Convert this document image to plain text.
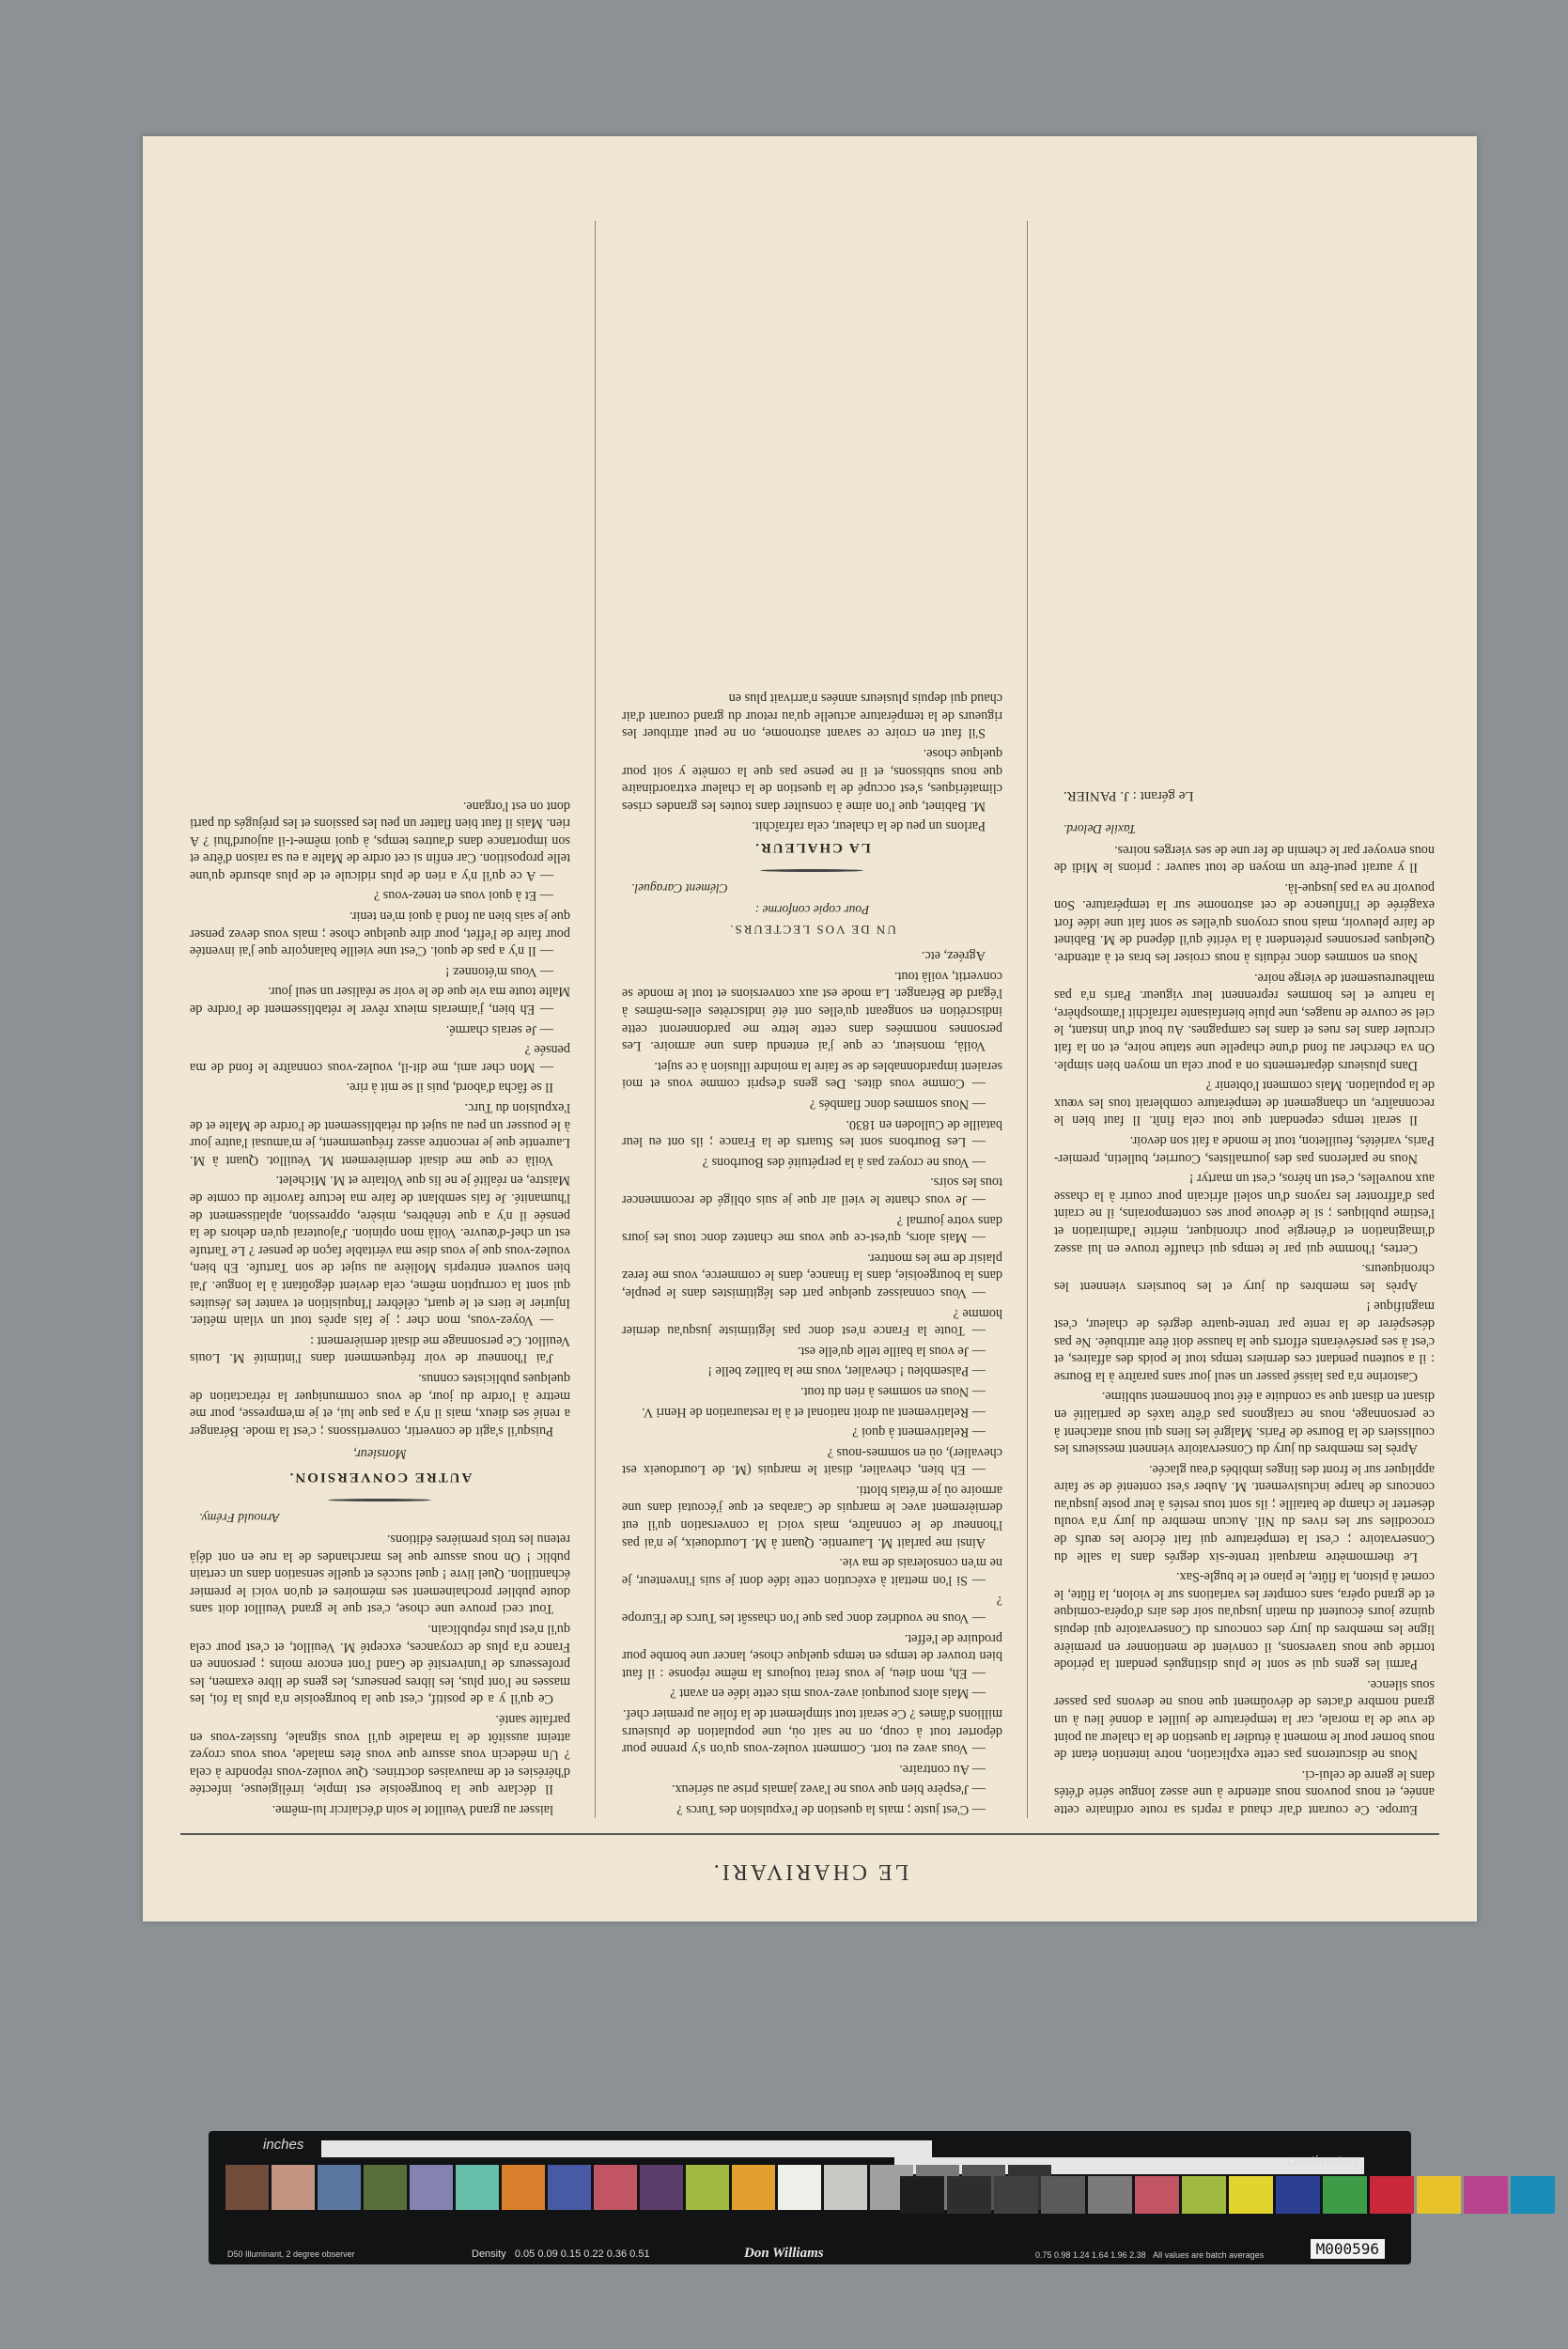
LE CHARIVARI.

Europe. Ce courant d'air chaud a repris sa route ordinaire cette année, et nous pouvons nous attendre à une assez longue série d'étés dans le genre de celui-ci.

Nous ne discuterons pas cette explication, notre intention étant de nous borner pour le moment à étudier la question de la chaleur au point de vue de la morale, car la température de juillet a donné lieu à un grand nombre d'actes de dévoûment que nous ne devons pas passer sous silence.

Parmi les gens qui se sont le plus distingués pendant la période torride que nous traversons, il convient de mentionner en première ligne les membres du jury des concours du Conservatoire qui depuis quinze jours écoutent du matin jusqu'au soir des airs d'opéra-comique et de grand opéra, sans compter les variations sur le violon, la flûte, le cornet à piston, la flûte, le piano et le bugle-Sax.

Le thermomètre marquait trente-six degrés dans la salle du Conservatoire ; c'est la température qui fait éclore les œufs de crocodiles sur les rives du Nil. Aucun membre du jury n'a voulu déserter le champ de bataille ; ils sont tous restés à leur poste jusqu'au concours de harpe inclusivement. M. Auber s'est contenté de se faire appliquer sur le front des linges imbibés d'eau glacée.

Après les membres du jury du Conservatoire viennent messieurs les coulissiers de la Bourse de Paris. Malgré les liens qui nous attachent à ce personnage, nous ne craignons pas d'être taxés de partialité en disant en disant que sa conduite a été tout bonnement sublime.

Castorine n'a pas laissé passer un seul jour sans paraître à la Bourse : il a soutenu pendant ces derniers temps tout le poids des affaires, et c'est à ses persévérants efforts que la hausse doit être attribuée. Ne pas désespérer de la rente par trente-quatre degrés de chaleur, c'est magnifique !

Après les membres du jury et les boursiers viennent les chroniqueurs.

Certes, l'homme qui par le temps qui chauffe trouve en lui assez d'imagination et d'énergie pour chroniquer, mérite l'admiration et l'estime publiques ; si le dévoue pour ses contemporains, il ne craint pas d'affronter les rayons d'un soleil africain pour courir à la chasse aux nouvelles, c'est un héros, c'est un martyr !

Nous ne parlerons pas des journalistes, Courrier, bulletin, premier-Paris, variétés, feuilleton, tout le monde a fait son devoir.

Il serait temps cependant que tout cela finît. Il faut bien le reconnaître, un changement de température comblerait tous les vœux de la population. Mais comment l'obtenir ?

Dans plusieurs départements on a pour cela un moyen bien simple. On va chercher au fond d'une chapelle une statue noire, et on la fait circuler dans les rues et dans les campagnes. Au bout d'un instant, le ciel se couvre de nuages, une pluie bienfaisante rafraîchit l'atmosphère, la nature et les hommes reprennent leur vigueur. Paris n'a pas malheureusement de vierge noire.

Nous en sommes donc réduits à nous croiser les bras et à attendre. Quelques personnes prétendent à la vérité qu'il dépend de M. Babinet de faire pleuvoir, mais nous croyons qu'elles se sont fait une idée fort exagérée de l'influence de cet astronome sur la température. Son pouvoir ne va pas jusque-là.

Il y aurait peut-être un moyen de tout sauver : prions le Midi de nous envoyer par le chemin de fer une de ses vierges noires.

Taxile Delord.
Le gérant : J. PANIER.

— C'est juste ; mais la question de l'expulsion des Turcs ?

— J'espère bien que vous ne l'avez jamais prise au sérieux.

— Au contraire.

— Vous avez eu tort. Comment voulez-vous qu'on s'y prenne pour déporter tout à coup, on ne sait où, une population de plusieurs millions d'âmes ? Ce serait tout simplement de la folie au premier chef.

— Mais alors pourquoi avez-vous mis cette idée en avant ?

— Eh, mon dieu, je vous ferai toujours la même réponse : il faut bien trouver de temps en temps quelque chose, lancer une bombe pour produire de l'effet.

— Vous ne voudriez donc pas que l'on chassât les Turcs de l'Europe ?

— Si l'on mettait à exécution cette idée dont je suis l'inventeur, je ne m'en consolerais de ma vie.

Ainsi me parlait M. Laurentie. Quant à M. Lourdoueix, je n'ai pas l'honneur de le connaître, mais voici la conversation qu'il eut dernièrement avec le marquis de Carabas et que j'écoutai dans une armoire où je m'étais blotti.

— Eh bien, chevalier, disait le marquis (M. de Lourdoueix est chevalier), où en sommes-nous ?

— Relativement à quoi ?

— Relativement au droit national et à la restauration de Henri V.

— Nous en sommes à rien du tout.

— Palsembleu ! chevalier, vous me la baillez belle !

— Je vous la baille telle qu'elle est.

— Toute la France n'est donc pas légitimiste jusqu'au dernier homme ?

— Vous connaissez quelque part des légitimistes dans le peuple, dans la bourgeoisie, dans la finance, dans le commerce, vous me ferez plaisir de me les montrer.

— Mais alors, qu'est-ce que vous me chantez donc tous les jours dans votre journal ?

— Je vous chante le vieil air que je suis obligé de recommencer tous les soirs.

— Vous ne croyez pas à la perpétuité des Bourbons ?

— Les Bourbons sont les Stuarts de la France ; ils ont eu leur bataille de Culloden en 1830.

— Nous sommes donc flambés ?

— Comme vous dites. Des gens d'esprit comme vous et moi seraient impardonnables de se faire la moindre illusion à ce sujet.

Voilà, monsieur, ce que j'ai entendu dans une armoire. Les personnes nommées dans cette lettre me pardonneront cette indiscrétion en songeant qu'elles ont été indiscrètes elles-mêmes à l'égard de Béranger. La mode est aux conversions et tout le monde se convertit, voilà tout.

Agréez, etc.

UN DE VOS LECTEURS.
Pour copie conforme :
Clément Caraguel.
LA CHALEUR.

Parlons un peu de la chaleur, cela rafraîchit.

M. Babinet, que l'on aime à consulter dans toutes les grandes crises climatériques, s'est occupé de la question de la chaleur extraordinaire que nous subissons, et il ne pense pas que la comète y soit pour quelque chose.

S'il faut en croire ce savant astronome, on ne peut attribuer les rigueurs de la température actuelle qu'au retour du grand courant d'air chaud qui depuis plusieurs années n'arrivait plus en

laisser au grand Veuillot le soin d'éclaircir lui-même.

Il déclare que la bourgeoisie est impie, irréligieuse, infectée d'hérésies et de mauvaises doctrines. Que voulez-vous répondre à cela ? Un médecin vous assure que vous êtes malade, vous vous croyez atteint aussitôt de la maladie qu'il vous signale, fussiez-vous en parfaite santé.

Ce qu'il y a de positif, c'est que la bourgeoisie n'a plus la foi, les masses ne l'ont plus, les libres penseurs, les gens de libre examen, les professeurs de l'université de Gand l'ont encore moins ; personne en France n'a plus de croyances, excepté M. Veuillot, et c'est pour cela qu'il n'est plus républicain.

Tout ceci prouve une chose, c'est que le grand Veuillot doit sans doute publier prochainement ses mémoires et qu'on voici le premier échantillon. Quel livre ! quel succès et quelle sensation dans un certain public ! On nous assure que les marchandes de la rue en ont déjà retenu les trois premières éditions.

Arnould Frémy.
AUTRE CONVERSION.
Monsieur,

Puisqu'il s'agit de convertir, convertissons ; c'est la mode. Béranger a renié ses dieux, mais il n'y a pas que lui, et je m'empresse, pour me mettre à l'ordre du jour, de vous communiquer la rétractation de quelques publicistes connus.

J'ai l'honneur de voir fréquemment dans l'intimité M. Louis Veuillot. Ce personnage me disait dernièrement :

— Voyez-vous, mon cher ; je fais après tout un vilain métier. Injurier le tiers et le quart, célébrer l'Inquisition et vanter les Jésuites qui sont la corruption même, cela devient dégoûtant à la longue. J'ai bien souvent entrepris Molière au sujet de son Tartufe. Eh bien, voulez-vous que je vous dise ma véritable façon de penser ? Le Tartufe est un chef-d'œuvre. Voilà mon opinion. J'ajouterai qu'en dehors de la pensée il n'y a que ténèbres, misère, oppression, aplatissement de l'humanité. Je fais semblant de faire ma lecture favorite du comte de Maistre, en réalité je ne lis que Voltaire et M. Michelet.

Voilà ce que me disait dernièrement M. Veuillot. Quant à M. Laurentie que je rencontre assez fréquemment, je m'amusai l'autre jour à le pousser un peu au sujet du rétablissement de l'ordre de Malte et de l'expulsion du Turc.

Il se fâcha d'abord, puis il se mit à rire.

— Mon cher ami, me dit-il, voulez-vous connaître le fond de ma pensée ?

— Je serais charmé.

— Eh bien, j'aimerais mieux rêver le rétablissement de l'ordre de Malte toute ma vie que de le voir se réaliser un seul jour.

— Vous m'étonnez !

— Il n'y a pas de quoi. C'est une vieille balançoire que j'ai inventée pour faire de l'effet, pour dire quelque chose ; mais vous devez penser que je sais bien au fond à quoi m'en tenir.

— Et à quoi vous en tenez-vous ?

— A ce qu'il n'y a rien de plus ridicule et de plus absurde qu'une telle proposition. Car enfin si cet ordre de Malte a eu sa raison d'être et son importance dans d'autres temps, à quoi même-t-il aujourd'hui ? A rien. Mais il faut bien flatter un peu les passions et les préjugés du parti dont on est l'organe.

inches
centimeters
D50 Illuminant, 2 degree observer	Density 0.05 0.09 0.15 0.22 0.36 0.51	Don Williams	0.75 0.98 1.24 1.64 1.96 2.38 All values are batch averages	M000596
